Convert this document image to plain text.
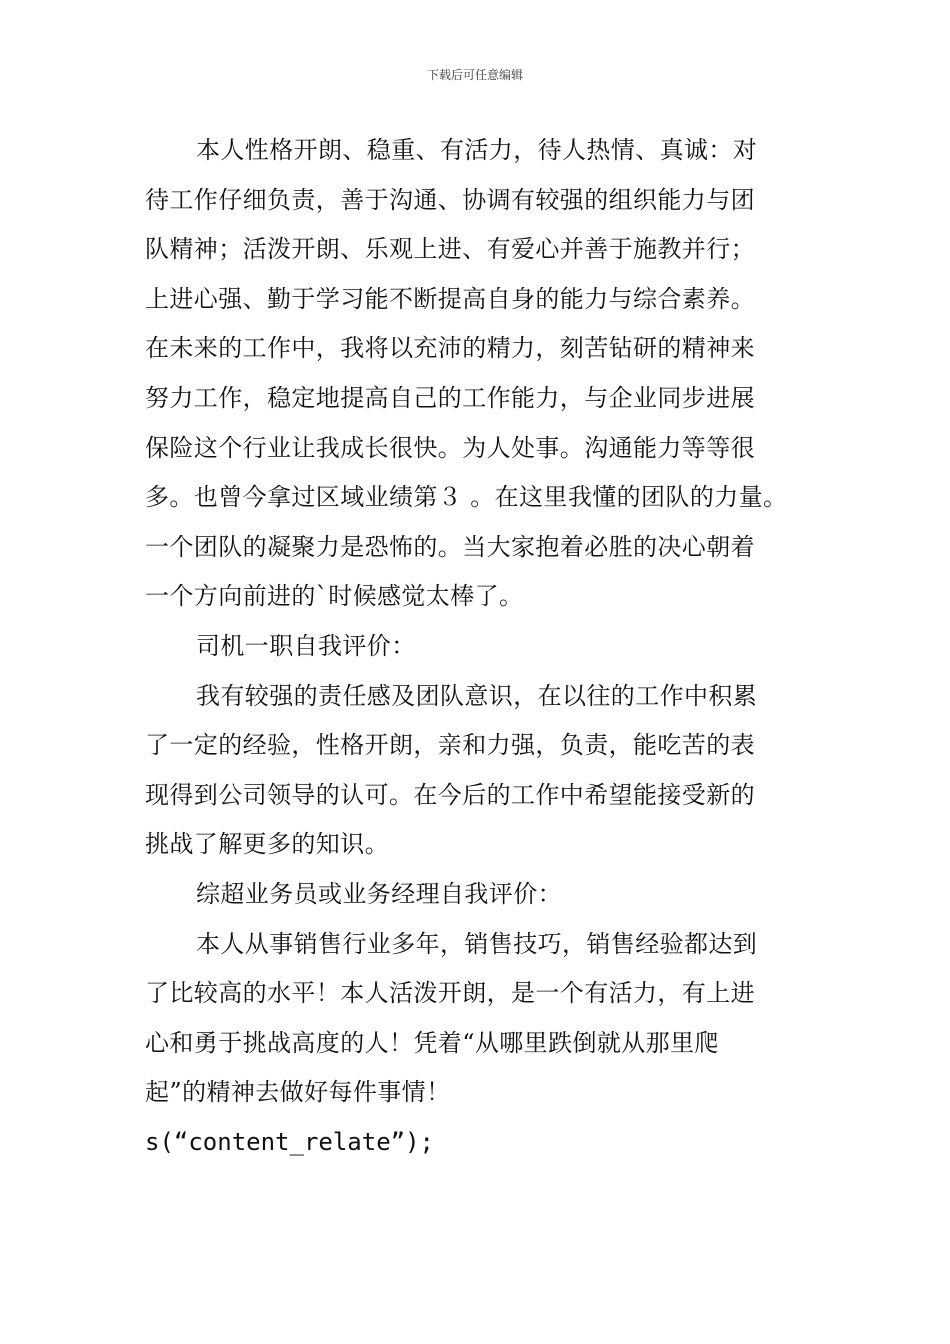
下载后可任意编辑
本人性格开朗、稳重、有活力，待人热情、真诚：对
待工作仔细负责，善于沟通、协调有较强的组织能力与团
队精神；活泼开朗、乐观上进、有爱心并善于施教并行；
上进心强、勤于学习能不断提高自身的能力与综合素养。
在未来的工作中，我将以充沛的精力，刻苦钻研的精神来
努力工作，稳定地提高自己的工作能力，与企业同步进展
保险这个行业让我成长很快。为人处事。沟通能力等等很
多。也曾今拿过区域业绩第３ 。在这里我懂的团队的力量。
一个团队的凝聚力是恐怖的。当大家抱着必胜的决心朝着
一个方向前进的`时候感觉太棒了。
司机一职自我评价：
我有较强的责任感及团队意识，在以往的工作中积累
了一定的经验，性格开朗，亲和力强，负责，能吃苦的表
现得到公司领导的认可。在今后的工作中希望能接受新的
挑战了解更多的知识。
综超业务员或业务经理自我评价：
本人从事销售行业多年，销售技巧，销售经验都达到
了比较高的水平！本人活泼开朗，是一个有活力，有上进
心和勇于挑战高度的人！凭着“从哪里跌倒就从那里爬
起”的精神去做好每件事情！
s(“content_relate”);
